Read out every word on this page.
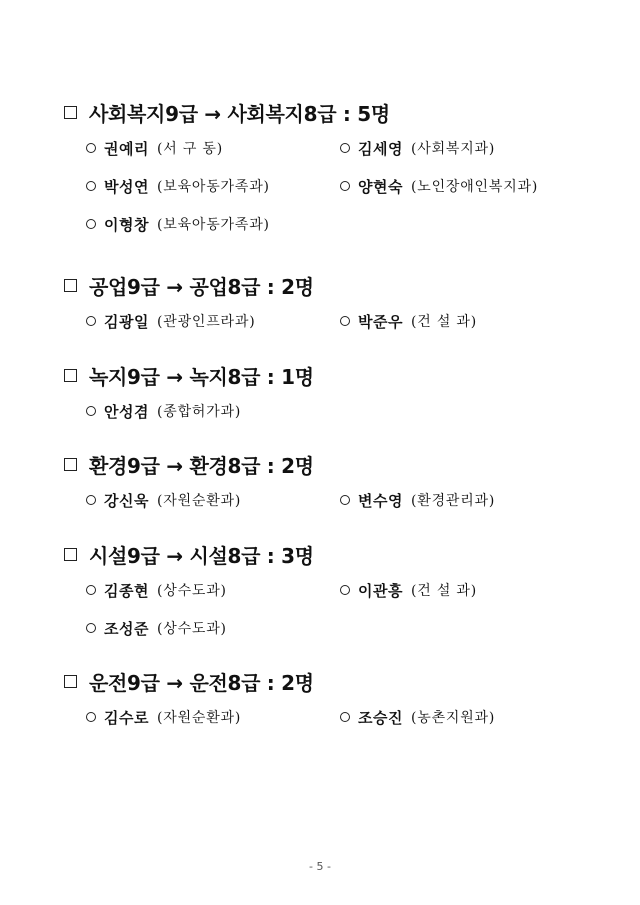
사회복지9급 → 사회복지8급 : 5명
권예리 (서 구 동)	김세영 (사회복지과)
박성연 (보육아동가족과)	양현숙 (노인장애인복지과)
이형창 (보육아동가족과)
공업9급 → 공업8급 : 2명
김광일 (관광인프라과)	박준우 (건 설 과)
녹지9급 → 녹지8급 : 1명
안성겸 (종합허가과)
환경9급 → 환경8급 : 2명
강신욱 (자원순환과)	변수영 (환경관리과)
시설9급 → 시설8급 : 3명
김종현 (상수도과)	이관흥 (건 설 과)
조성준 (상수도과)
운전9급 → 운전8급 : 2명
김수로 (자원순환과)	조승진 (농촌지원과)
- 5 -
